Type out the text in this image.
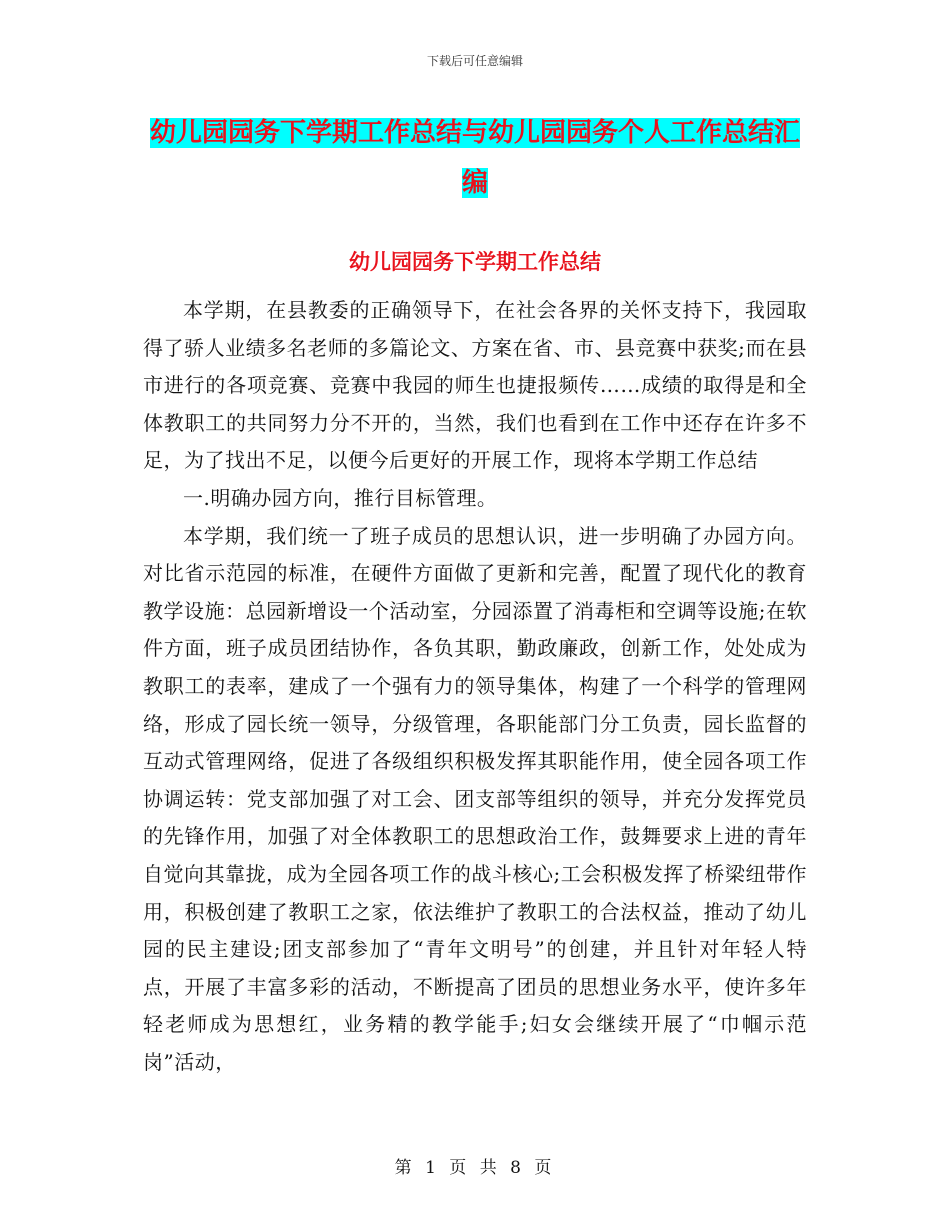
下载后可任意编辑
幼儿园园务下学期工作总结与幼儿园园务个人工作总结汇编
幼儿园园务下学期工作总结

本学期，在县教委的正确领导下，在社会各界的关怀支持下，我园取得了骄人业绩多名老师的多篇论文、方案在省、市、县竞赛中获奖;而在县市进行的各项竞赛、竞赛中我园的师生也捷报频传……成绩的取得是和全体教职工的共同努力分不开的，当然，我们也看到在工作中还存在许多不足，为了找出不足，以便今后更好的开展工作，现将本学期工作总结

一.明确办园方向，推行目标管理。

本学期，我们统一了班子成员的思想认识，进一步明确了办园方向。对比省示范园的标准，在硬件方面做了更新和完善，配置了现代化的教育教学设施：总园新增设一个活动室，分园添置了消毒柜和空调等设施;在软件方面，班子成员团结协作，各负其职，勤政廉政，创新工作，处处成为教职工的表率，建成了一个强有力的领导集体，构建了一个科学的管理网络，形成了园长统一领导，分级管理，各职能部门分工负责，园长监督的互动式管理网络，促进了各级组织积极发挥其职能作用，使全园各项工作协调运转：党支部加强了对工会、团支部等组织的领导，并充分发挥党员的先锋作用，加强了对全体教职工的思想政治工作，鼓舞要求上进的青年自觉向其靠拢，成为全园各项工作的战斗核心;工会积极发挥了桥梁纽带作用，积极创建了教职工之家，依法维护了教职工的合法权益，推动了幼儿园的民主建设;团支部参加了“青年文明号”的创建，并且针对年轻人特点，开展了丰富多彩的活动，不断提高了团员的思想业务水平，使许多年轻老师成为思想红，业务精的教学能手;妇女会继续开展了“巾帼示范岗”活动，

第 1 页 共 8 页
